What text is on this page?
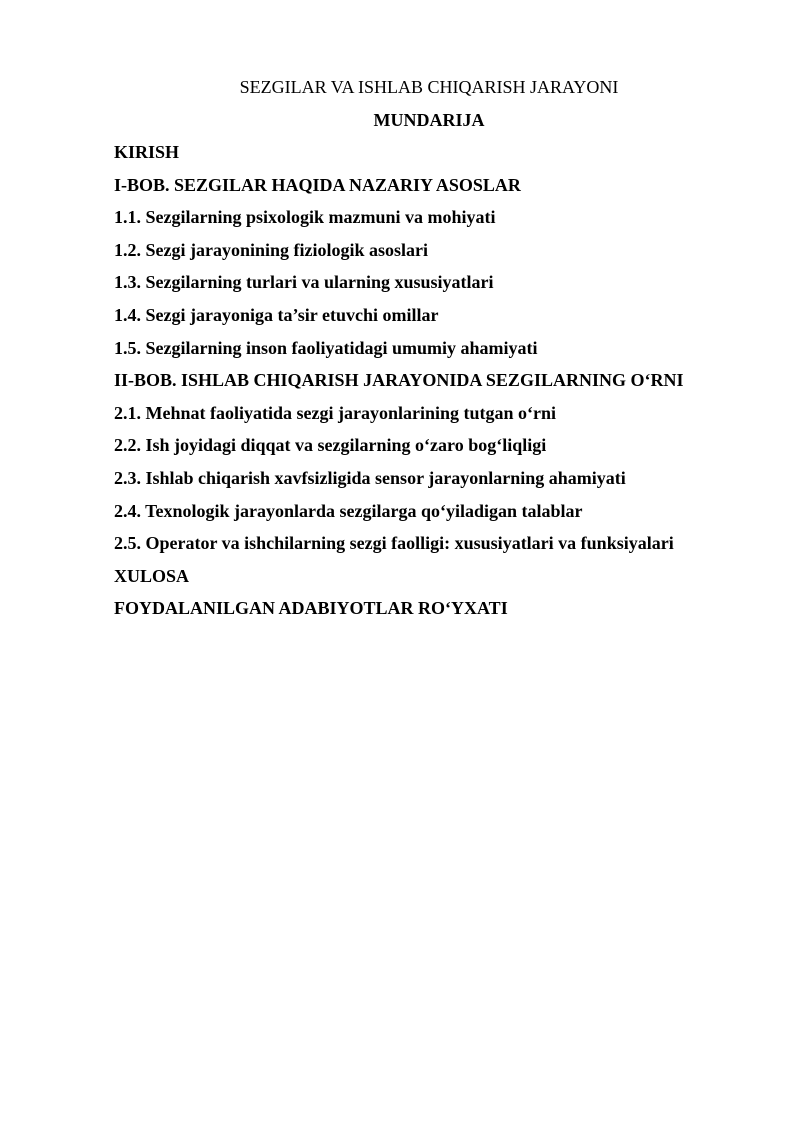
SEZGILAR VA ISHLAB CHIQARISH JARAYONI
MUNDARIJA
KIRISH
I-BOB. SEZGILAR HAQIDA NAZARIY ASOSLAR
1.1. Sezgilarning psixologik mazmuni va mohiyati
1.2. Sezgi jarayonining fiziologik asoslari
1.3. Sezgilarning turlari va ularning xususiyatlari
1.4. Sezgi jarayoniga ta’sir etuvchi omillar
1.5. Sezgilarning inson faoliyatidagi umumiy ahamiyati
II-BOB. ISHLAB CHIQARISH JARAYONIDA SEZGILARNING O‘RNI
2.1. Mehnat faoliyatida sezgi jarayonlarining tutgan o‘rni
2.2. Ish joyidagi diqqat va sezgilarning o‘zaro bog‘liqligi
2.3. Ishlab chiqarish xavfsizligida sensor jarayonlarning ahamiyati
2.4. Texnologik jarayonlarda sezgilarga qo‘yiladigan talablar
2.5. Operator va ishchilarning sezgi faolligi: xususiyatlari va funksiyalari
XULOSA
FOYDALANILGAN ADABIYOTLAR RO‘YXATI
